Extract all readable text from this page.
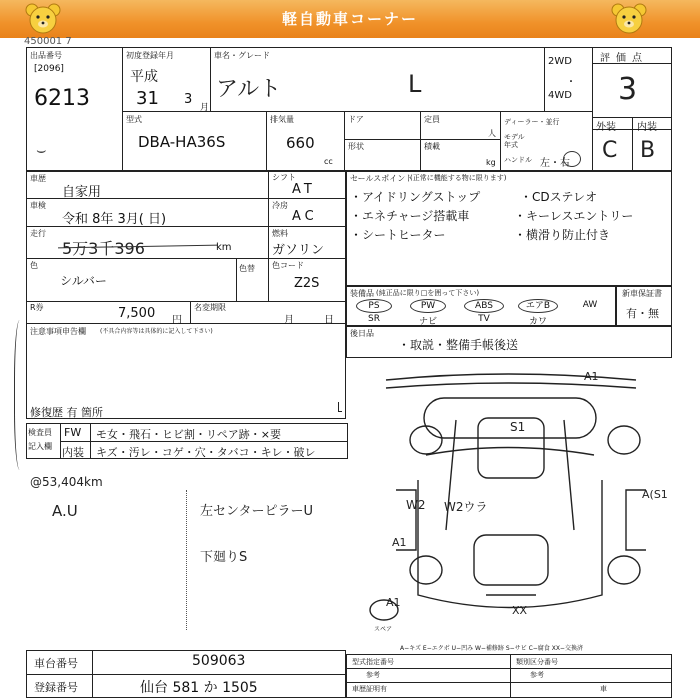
軽自動車コーナー
450001 7
出品番号
[2096]
6213
⌣
初度登録年月
平成
31 3
月
車名・グレード
アルト	L
2WD
・
4WD
評価点
3
型式
DBA-HA36S
排気量
660
cc
ドア	定員
人
形状	積載
kg
ディーラー・並行
モデル年式
ハンドル 左・右
外装 内装
C B
車歴
自家用
車検
令和 8年 3月( 日)
走行
5万3千396	km
シフト
AT
冷房
AC
燃料
ガソリン
色
シルバー
色替 色コード
Z2S
R券	7,500 円
名変期限
月	日
注意事項申告欄 (不具合内容等は具体的に記入して下さい)
修復歴 有 箇所
セールスポイント
(正常に機能する物に限ります)
・アイドリングストップ	・CDステレオ
・エネチャージ搭載車	・キーレスエントリー
・シートヒーター	・横滑り防止付き
装備品 (純正品に限り□を囲って下さい)
PS	PW	ABS	エアB	AW
SR	ナビ	TV	カワ
新車保証書
有・無
後日品
・取説・整備手帳後送
検査員
記入欄
FW モ女・飛石・ヒビ割・リペア跡・×要
内装 キズ・汚レ・コゲ・穴・タバコ・キレ・破レ
@53,404km
A.U	左センターピラーU
下廻りS
A1
S1
W2 W2ウラ
A(S1
A1
A1
XX
スペア
A−キズ E−エクボ U−凹み W−補修跡 S−サビ C−腐食 XX−交換済
車台番号	509063
登録番号	仙台 581 か 1505
型式指定番号	類別区分番号
参考	参考
車歴証明有	車
